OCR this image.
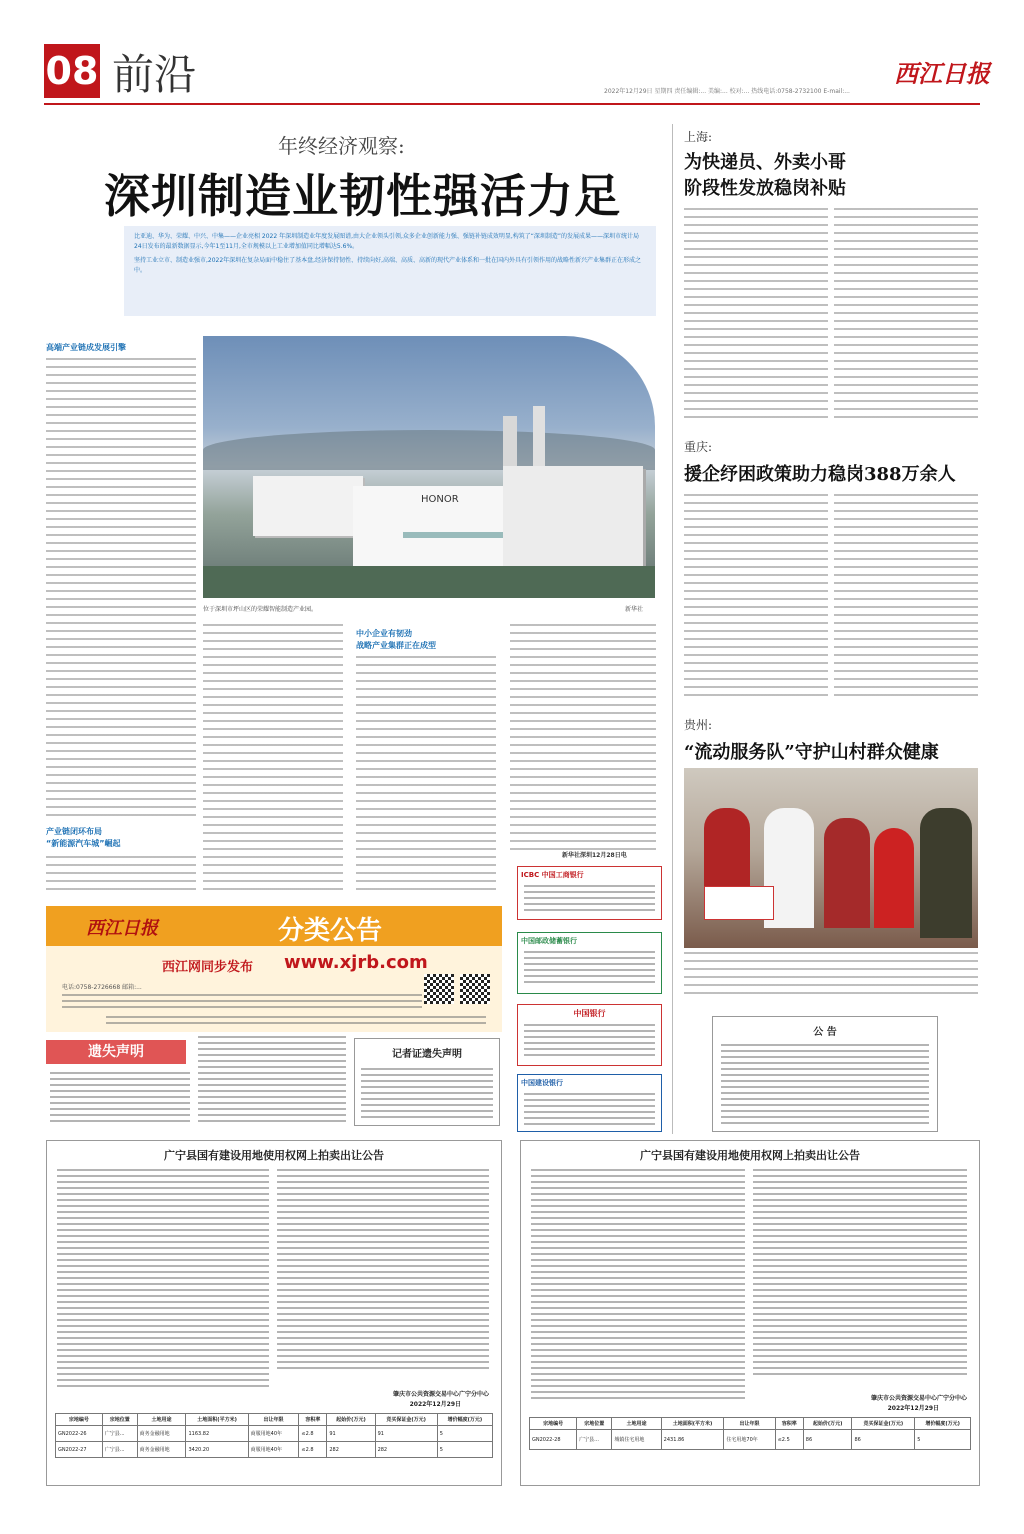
08 前沿	西江日报
2022年12月29日 星期四 责任编辑:... 美编:... 校对:... 热线电话:0758-2732100 E-mail:...
年终经济观察:
深圳制造业韧性强活力足

比亚迪、华为、荣耀、中兴、中集——企业亮相 2022 年深圳制造业年度发展图谱,由大企业领头引领,众多企业创新能力强、强链补链成效明显,构筑了“深圳制造”的发展成果——深圳市统计局24日发布的最新数据显示,今年1至11月,全市规模以上工业增加值同比增幅达5.6%。

坚持工业立市、制造业强市,2022年深圳在复杂局面中稳住了基本盘,经济保持韧性、持续向好,高端、高质、高新的现代产业体系和一批在国内外具有引领作用的战略性新兴产业集群正在形成之中。

高端产业链成发展引擎
HONOR
位于深圳市坪山区的荣耀智能制造产业园。	新华社
产业链闭环布局
“新能源汽车城”崛起
中小企业有韧劲
战略产业集群正在成型
新华社深圳12月28日电
上海:
为快递员、外卖小哥
阶段性发放稳岗补贴
重庆:
援企纾困政策助力稳岗388万余人
贵州:
“流动服务队”守护山村群众健康
西江日报	分类公告
西江网同步发布 www.xjrb.com
电话:0758-2726668 邮箱:...
遗失声明	记者证遗失声明
ICBC 中国工商银行
中国邮政储蓄银行
中国银行
中国建设银行
公 告
广宁县国有建设用地使用权网上拍卖出让公告
肇庆市公共资源交易中心广宁分中心
2022年12月29日
宗地编号	宗地位置	土地用途	土地面积(平方米)	出让年限	容积率	起始价(万元)	竞买保证金(万元)	增价幅度(万元)
GN2022-26	广宁县...	商务金融用地	1163.82	商服用地40年	≤2.8	91	91	5
GN2022-27	广宁县...	商务金融用地	3420.20	商服用地40年	≤2.8	282	282	5
广宁县国有建设用地使用权网上拍卖出让公告
肇庆市公共资源交易中心广宁分中心
2022年12月29日
宗地编号	宗地位置	土地用途	土地面积(平方米)	出让年限	容积率	起始价(万元)	竞买保证金(万元)	增价幅度(万元)
GN2022-28	广宁县...	城镇住宅用地	2431.86	住宅用地70年	≤2.5	86	86	5
